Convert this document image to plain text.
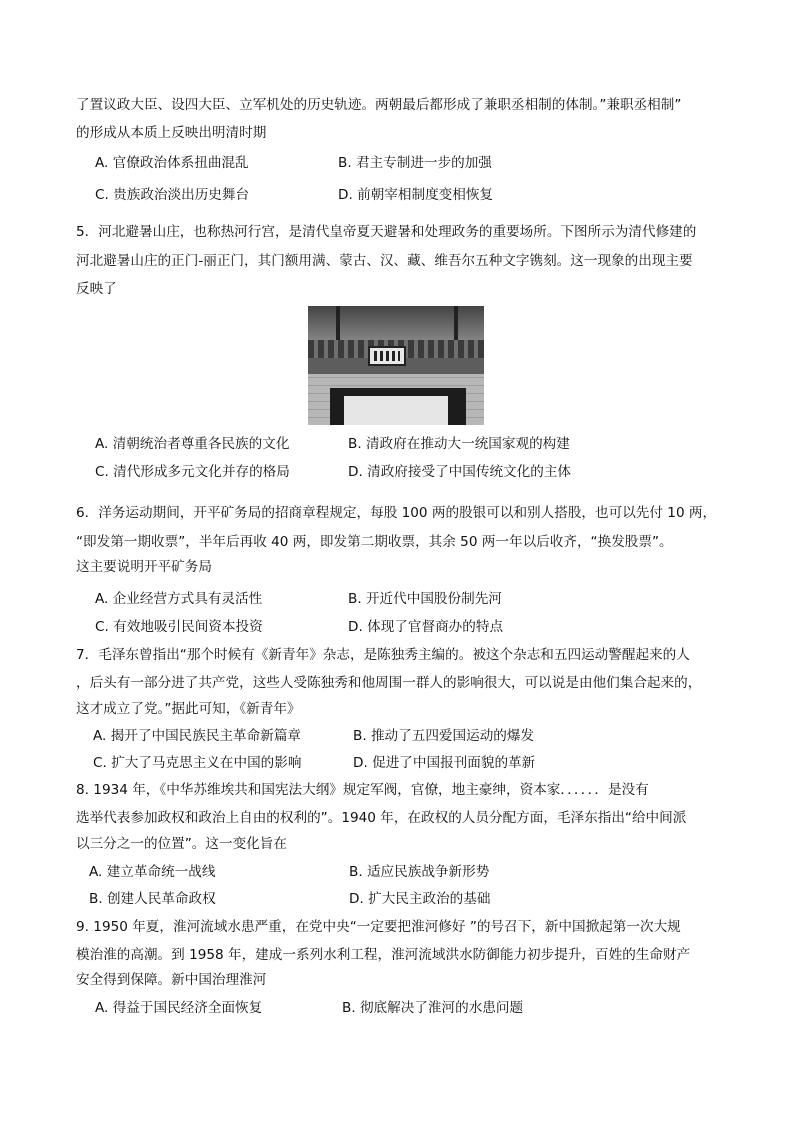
了置议政大臣、设四大臣、立军机处的历史轨迹。两朝最后都形成了兼职丞相制的体制。”兼职丞相制”
的形成从本质上反映出明清时期
A. 官僚政治体系扭曲混乱	B. 君主专制进一步的加强
C. 贵族政治淡出历史舞台	D. 前朝宰相制度变相恢复
5．河北避暑山庄，也称热河行宫，是清代皇帝夏天避暑和处理政务的重要场所。下图所示为清代修建的
河北避暑山庄的正门-丽正门，其门额用满、蒙古、汉、藏、维吾尔五种文字镌刻。这一现象的出现主要
反映了
A. 清朝统治者尊重各民族的文化	B. 清政府在推动大一统国家观的构建
C. 清代形成多元文化并存的格局	D. 清政府接受了中国传统文化的主体
6．洋务运动期间，开平矿务局的招商章程规定，每股 100 两的股银可以和别人搭股，也可以先付 10 两，
“即发第一期收票”，半年后再收 40 两，即发第二期收票，其余 50 两一年以后收齐，“换发股票”。
这主要说明开平矿务局
A. 企业经营方式具有灵活性	B. 开近代中国股份制先河
C. 有效地吸引民间资本投资	D. 体现了官督商办的特点
7．毛泽东曾指出“那个时候有《新青年》杂志，是陈独秀主编的。被这个杂志和五四运动警醒起来的人
，后头有一部分进了共产党，这些人受陈独秀和他周围一群人的影响很大，可以说是由他们集合起来的，
这才成立了党。”据此可知，《新青年》
A. 揭开了中国民族民主革命新篇章	B. 推动了五四爱国运动的爆发
C. 扩大了马克思主义在中国的影响	D. 促进了中国报刊面貌的革新
8. 1934 年，《中华苏维埃共和国宪法大纲》规定军阀，官僚，地主豪绅，资本家．．．．．．是没有
选举代表参加政权和政治上自由的权利的”。1940 年，在政权的人员分配方面，毛泽东指出“给中间派
以三分之一的位置”。这一变化旨在
A. 建立革命统一战线	B. 适应民族战争新形势
B. 创建人民革命政权	D. 扩大民主政治的基础
9. 1950 年夏，淮河流域水患严重，在党中央“一定要把淮河修好 ”的号召下，新中国掀起第一次大规
模治淮的高潮。到 1958 年，建成一系列水利工程，淮河流域洪水防御能力初步提升，百姓的生命财产
安全得到保障。新中国治理淮河
A. 得益于国民经济全面恢复	B. 彻底解决了淮河的水患问题
